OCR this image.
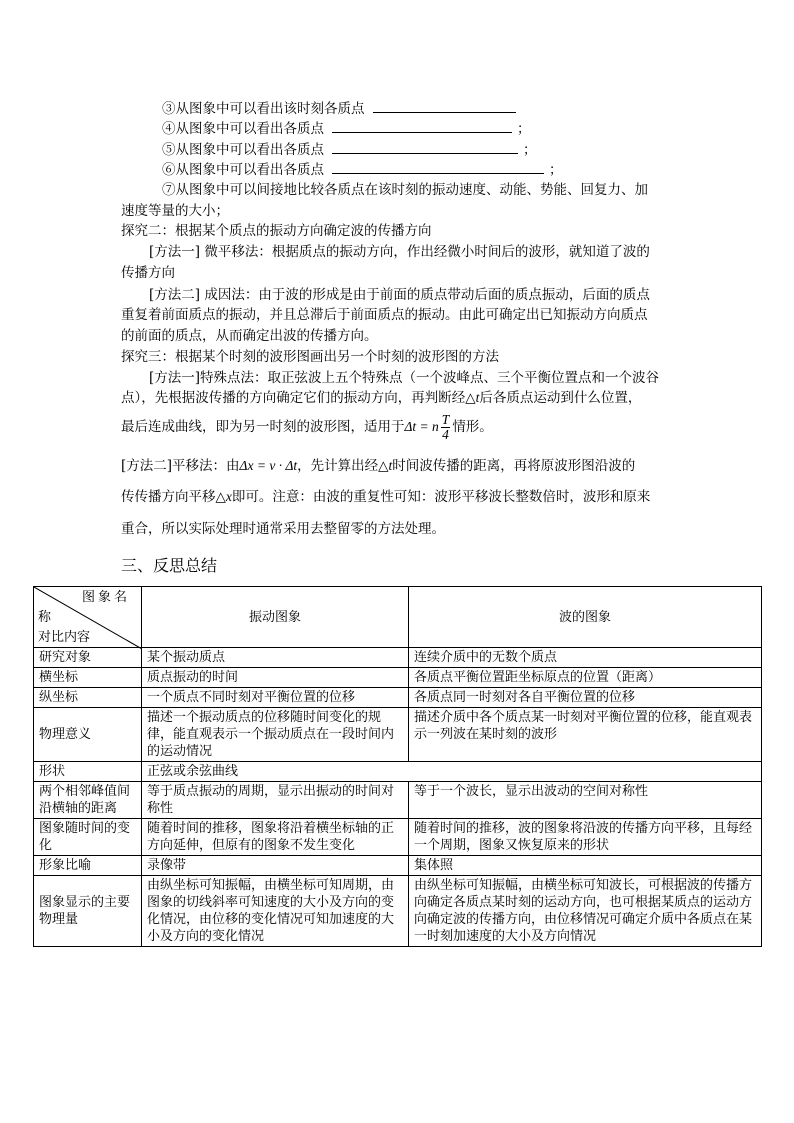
③从图象中可以看出该时刻各质点
④从图象中可以看出各质点	；
⑤从图象中可以看出各质点	；
⑥从图象中可以看出各质点	；
⑦从图象中可以间接地比较各质点在该时刻的振动速度、动能、势能、回复力、加
速度等量的大小；
探究二：根据某个质点的振动方向确定波的传播方向
[方法一] 微平移法：根据质点的振动方向，作出经微小时间后的波形，就知道了波的
传播方向
[方法二] 成因法：由于波的形成是由于前面的质点带动后面的质点振动，后面的质点
重复着前面质点的振动，并且总滞后于前面质点的振动。由此可确定出已知振动方向质点
的前面的质点，从而确定出波的传播方向。
探究三：根据某个时刻的波形图画出另一个时刻的波形图的方法
[方法一]特殊点法：取正弦波上五个特殊点（一个波峰点、三个平衡位置点和一个波谷
点），先根据波传播的方向确定它们的振动方向，再判断经△t后各质点运动到什么位置，
最后连成曲线，即为另一时刻的波形图，适用于Δt = n $\frac{T}{4}$ 情形。
[方法二]平移法：由Δx = v · Δt，先计算出经△t时间波传播的距离，再将原波形图沿波的
传传播方向平移△x即可。注意：由波的重复性可知：波形平移波长整数倍时，波形和原来
重合，所以实际处理时通常采用去整留零的方法处理。
三、反思总结
图象名
称
对比内容	振动图象	波的图象
研究对象	某个振动质点	连续介质中的无数个质点
横坐标	质点振动的时间	各质点平衡位置距坐标原点的位置（距离）
纵坐标	一个质点不同时刻对平衡位置的位移	各质点同一时刻对各自平衡位置的位移
物理意义	描述一个振动质点的位移随时间变化的规律，能直观表示一个振动质点在一段时间内的运动情况	描述介质中各个质点某一时刻对平衡位置的位移，能直观表示一列波在某时刻的波形
形状	正弦或余弦曲线	
两个相邻峰值间沿横轴的距离	等于质点振动的周期，显示出振动的时间对称性	等于一个波长，显示出波动的空间对称性
图象随时间的变化	随着时间的推移，图象将沿着横坐标轴的正方向延伸，但原有的图象不发生变化	随着时间的推移，波的图象将沿波的传播方向平移，且每经一个周期，图象又恢复原来的形状
形象比喻	录像带	集体照
图象显示的主要物理量	由纵坐标可知振幅，由横坐标可知周期，由图象的切线斜率可知速度的大小及方向的变化情况，由位移的变化情况可知加速度的大小及方向的变化情况	由纵坐标可知振幅，由横坐标可知波长，可根据波的传播方向确定各质点某时刻的运动方向，也可根据某质点的运动方向确定波的传播方向，由位移情况可确定介质中各质点在某一时刻加速度的大小及方向情况
